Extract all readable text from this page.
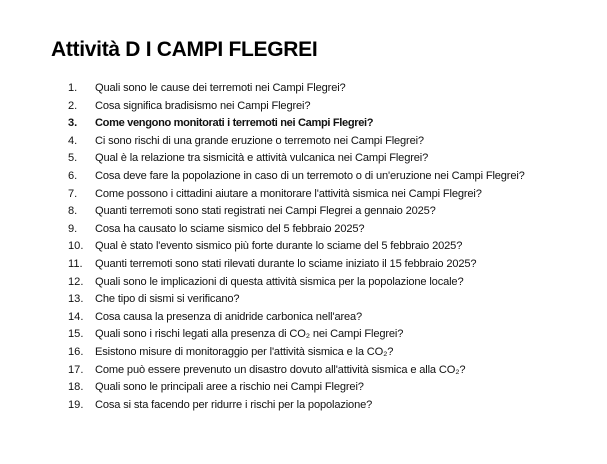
Attività D I CAMPI FLEGREI
1.	Quali sono le cause dei terremoti nei Campi Flegrei?
2.	Cosa significa bradisismo nei Campi Flegrei?
3.	Come vengono monitorati i terremoti nei Campi Flegrei?
4.	Ci sono rischi di una grande eruzione o terremoto nei Campi Flegrei?
5.	Qual è la relazione tra sismicità e attività vulcanica nei Campi Flegrei?
6.	Cosa deve fare la popolazione in caso di un terremoto o di un'eruzione nei Campi Flegrei?
7.	Come possono i cittadini aiutare a monitorare l'attività sismica nei Campi Flegrei?
8.	Quanti terremoti sono stati registrati nei Campi Flegrei a gennaio 2025?
9.	Cosa ha causato lo sciame sismico del 5 febbraio 2025?
10.	Qual è stato l'evento sismico più forte durante lo sciame del 5 febbraio 2025?
11.	Quanti terremoti sono stati rilevati durante lo sciame iniziato il 15 febbraio 2025?
12.	Quali sono le implicazioni di questa attività sismica per la popolazione locale?
13.	Che tipo di sismi si verificano?
14.	Cosa causa la presenza di anidride carbonica nell'area?
15.	Quali sono i rischi legati alla presenza di CO₂ nei Campi Flegrei?
16.	Esistono misure di monitoraggio per l'attività sismica e la CO₂?
17.	Come può essere prevenuto un disastro dovuto all'attività sismica e alla CO₂?
18.	Quali sono le principali aree a rischio nei Campi Flegrei?
19.	Cosa si sta facendo per ridurre i rischi per la popolazione?
